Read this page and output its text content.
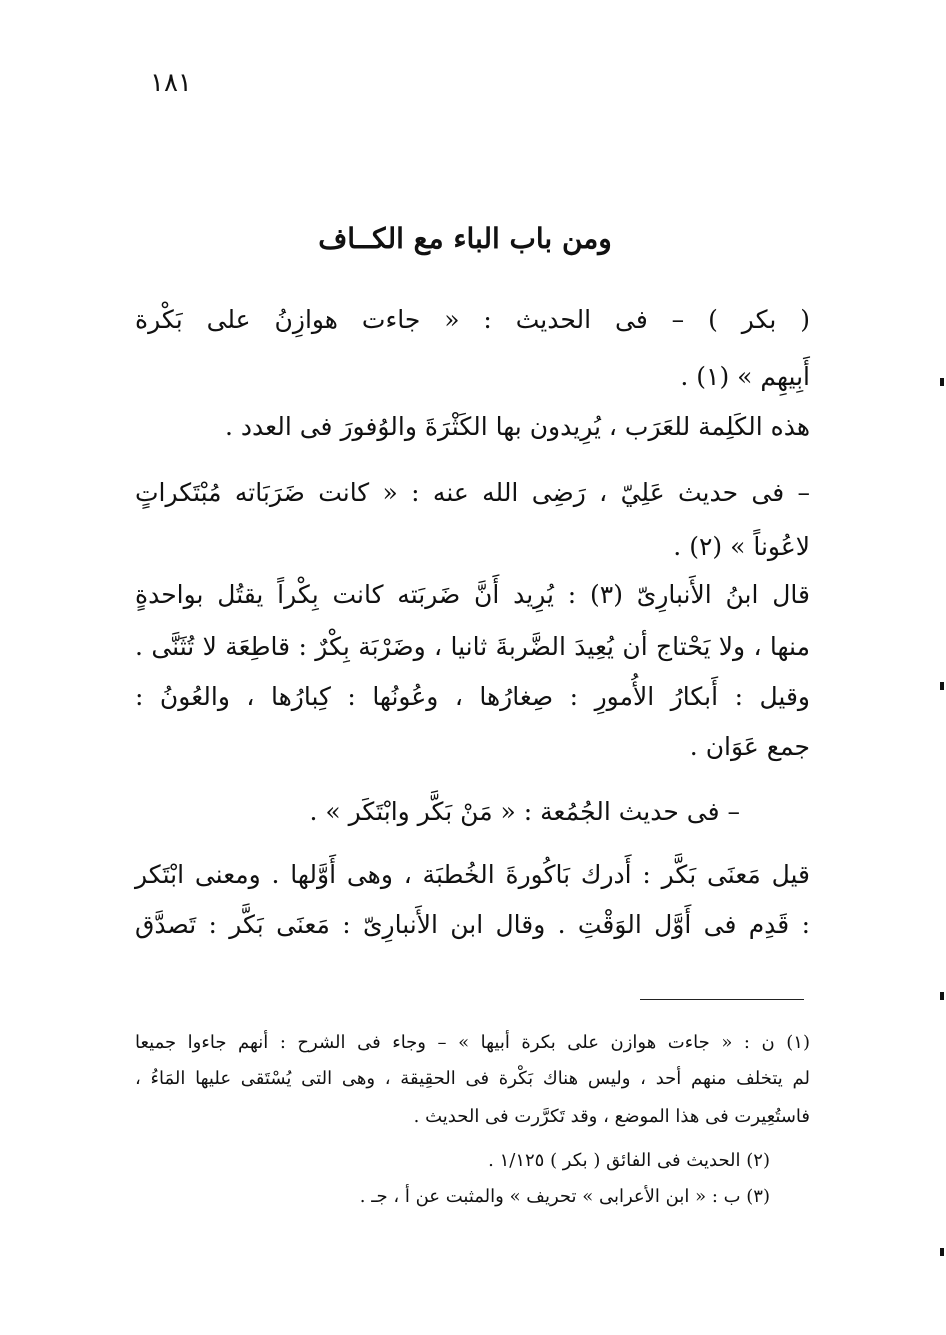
١٨١
ومن باب الباء مع الكــاف
( بكر ) – فى الحديث : « جاءت هوازِنُ على بَكْرة
أَبِيهِم » (١) .
هذه الكَلِمة للعَرَب ، يُرِيدون بها الكَثْرَةَ والوُفورَ فى العدد .
– فى حديث عَلِيّ ، رَضِى الله عنه : « كانت ضَرَبَاته مُبْتَكراتٍ
لاعُوناً » (٢) .
قال ابنُ الأَنبارِىّ (٣) : يُرِيد أَنَّ ضَربَته كانت بِكْراً يقتُل بواحدةٍ
منها ، ولا يَحْتاج أن يُعِيدَ الضَّربةَ ثانيا ، وضَرْبَة بِكْرٌ : قاطِعَة لا تُثَنَّى .
وقيل : أَبكارُ الأُمورِ : صِغارُها ، وعُونُها : كِبارُها ، والعُونُ :
جمع عَوَان .
– فى حديث الجُمُعة : « مَنْ بَكَّر وابْتَكَر » .
قيل مَعنَى بَكَّر : أَدرك بَاكُورةَ الخُطبَة ، وهى أَوَّلها . ومعنى ابْتَكر
: قَدِم فى أَوَّل الوَقْتِ . وقال ابن الأَنبارِىّ : مَعنَى بَكَّر : تَصدَّق
(١) ن : « جاءت هوازن على بكرة أبيها » – وجاء فى الشرح : أنهم جاءوا جميعا
لم يتخلف منهم أحد ، وليس هناك بَكْرة فى الحقِيقة ، وهى التى يُسْتَقى عليها المَاءُ ،
فاستُعِيرت فى هذا الموضع ، وقد تَكرَّرت فى الحديث .
(٢) الحديث فى الفائق ( بكر ) ١/١٢٥ .
(٣) ب : « ابن الأعرابى » تحريف » والمثبت عن أ ، جـ .
